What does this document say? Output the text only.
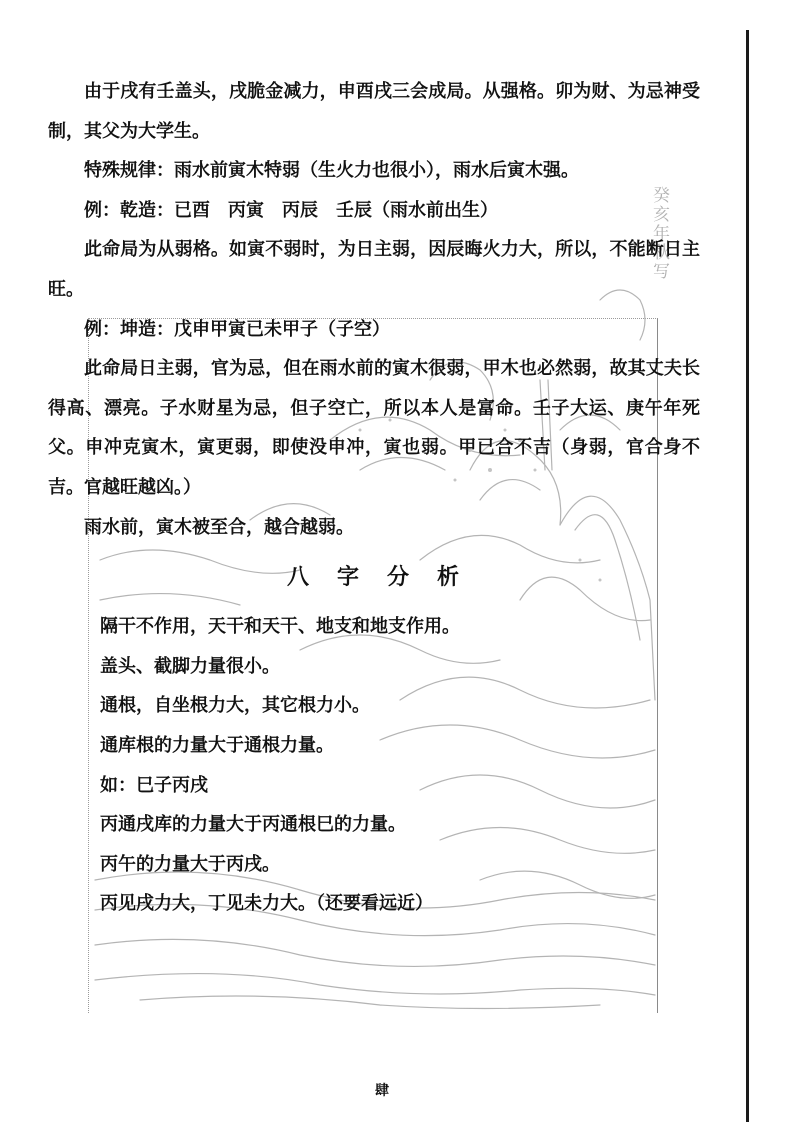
癸亥年秋写

由于戌有壬盖头，戌脆金减力，申酉戌三会成局。从强格。卯为财、为忌神受制，其父为大学生。

特殊规律：雨水前寅木特弱（生火力也很小），雨水后寅木强。

例：乾造：已酉　丙寅　丙辰　壬辰（雨水前出生）

此命局为从弱格。如寅不弱时，为日主弱，因辰晦火力大，所以，不能断日主旺。

例：坤造：戊申甲寅已未甲子（子空）

此命局日主弱，官为忌，但在雨水前的寅木很弱，甲木也必然弱，故其丈夫长得高、漂亮。子水财星为忌，但子空亡，所以本人是富命。壬子大运、庚午年死父。申冲克寅木，寅更弱，即使没申冲，寅也弱。甲已合不吉（身弱，官合身不吉。官越旺越凶。）

雨水前，寅木被至合，越合越弱。

八字分析

隔干不作用，天干和天干、地支和地支作用。

盖头、截脚力量很小。

通根，自坐根力大，其它根力小。

通库根的力量大于通根力量。

如：巳子丙戌

丙通戌库的力量大于丙通根巳的力量。

丙午的力量大于丙戌。

丙见戌力大，丁见未力大。（还要看远近）

肆
